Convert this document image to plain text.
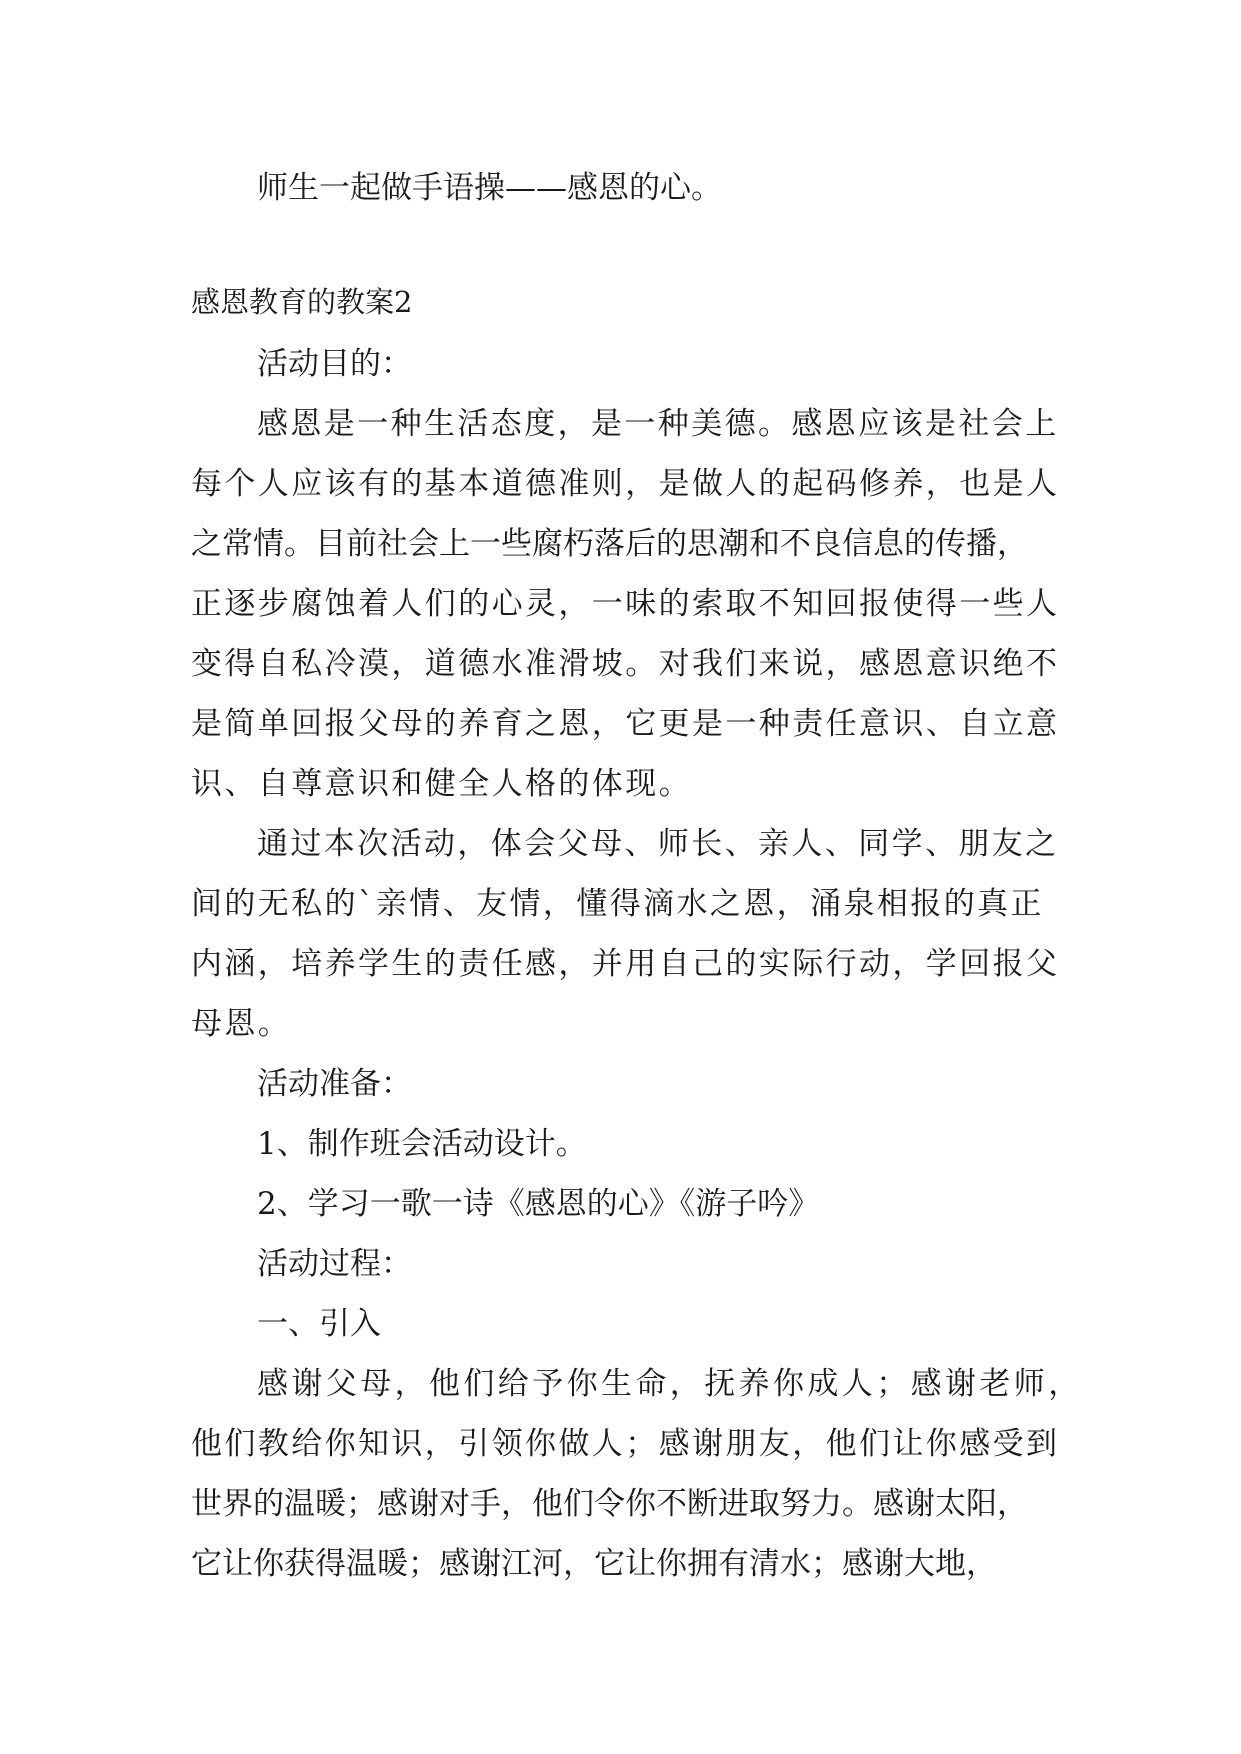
师生一起做手语操——感恩的心。
感恩教育的教案2
活动目的：
感恩是一种生活态度，是一种美德。感恩应该是社会上
每个人应该有的基本道德准则，是做人的起码修养，也是人
之常情。目前社会上一些腐朽落后的思潮和不良信息的传播，
正逐步腐蚀着人们的心灵，一味的索取不知回报使得一些人
变得自私冷漠，道德水准滑坡。对我们来说，感恩意识绝不
是简单回报父母的养育之恩，它更是一种责任意识、自立意
识、自尊意识和健全人格的体现。
通过本次活动，体会父母、师长、亲人、同学、朋友之
间的无私的`亲情、友情，懂得滴水之恩，涌泉相报的真正
内涵，培养学生的责任感，并用自己的实际行动，学回报父
母恩。
活动准备：
1、制作班会活动设计。
2、学习一歌一诗《感恩的心》《游子吟》
活动过程：
一、引入
感谢父母，他们给予你生命，抚养你成人；感谢老师，
他们教给你知识，引领你做人；感谢朋友，他们让你感受到
世界的温暖；感谢对手，他们令你不断进取努力。感谢太阳，
它让你获得温暖；感谢江河，它让你拥有清水；感谢大地，
